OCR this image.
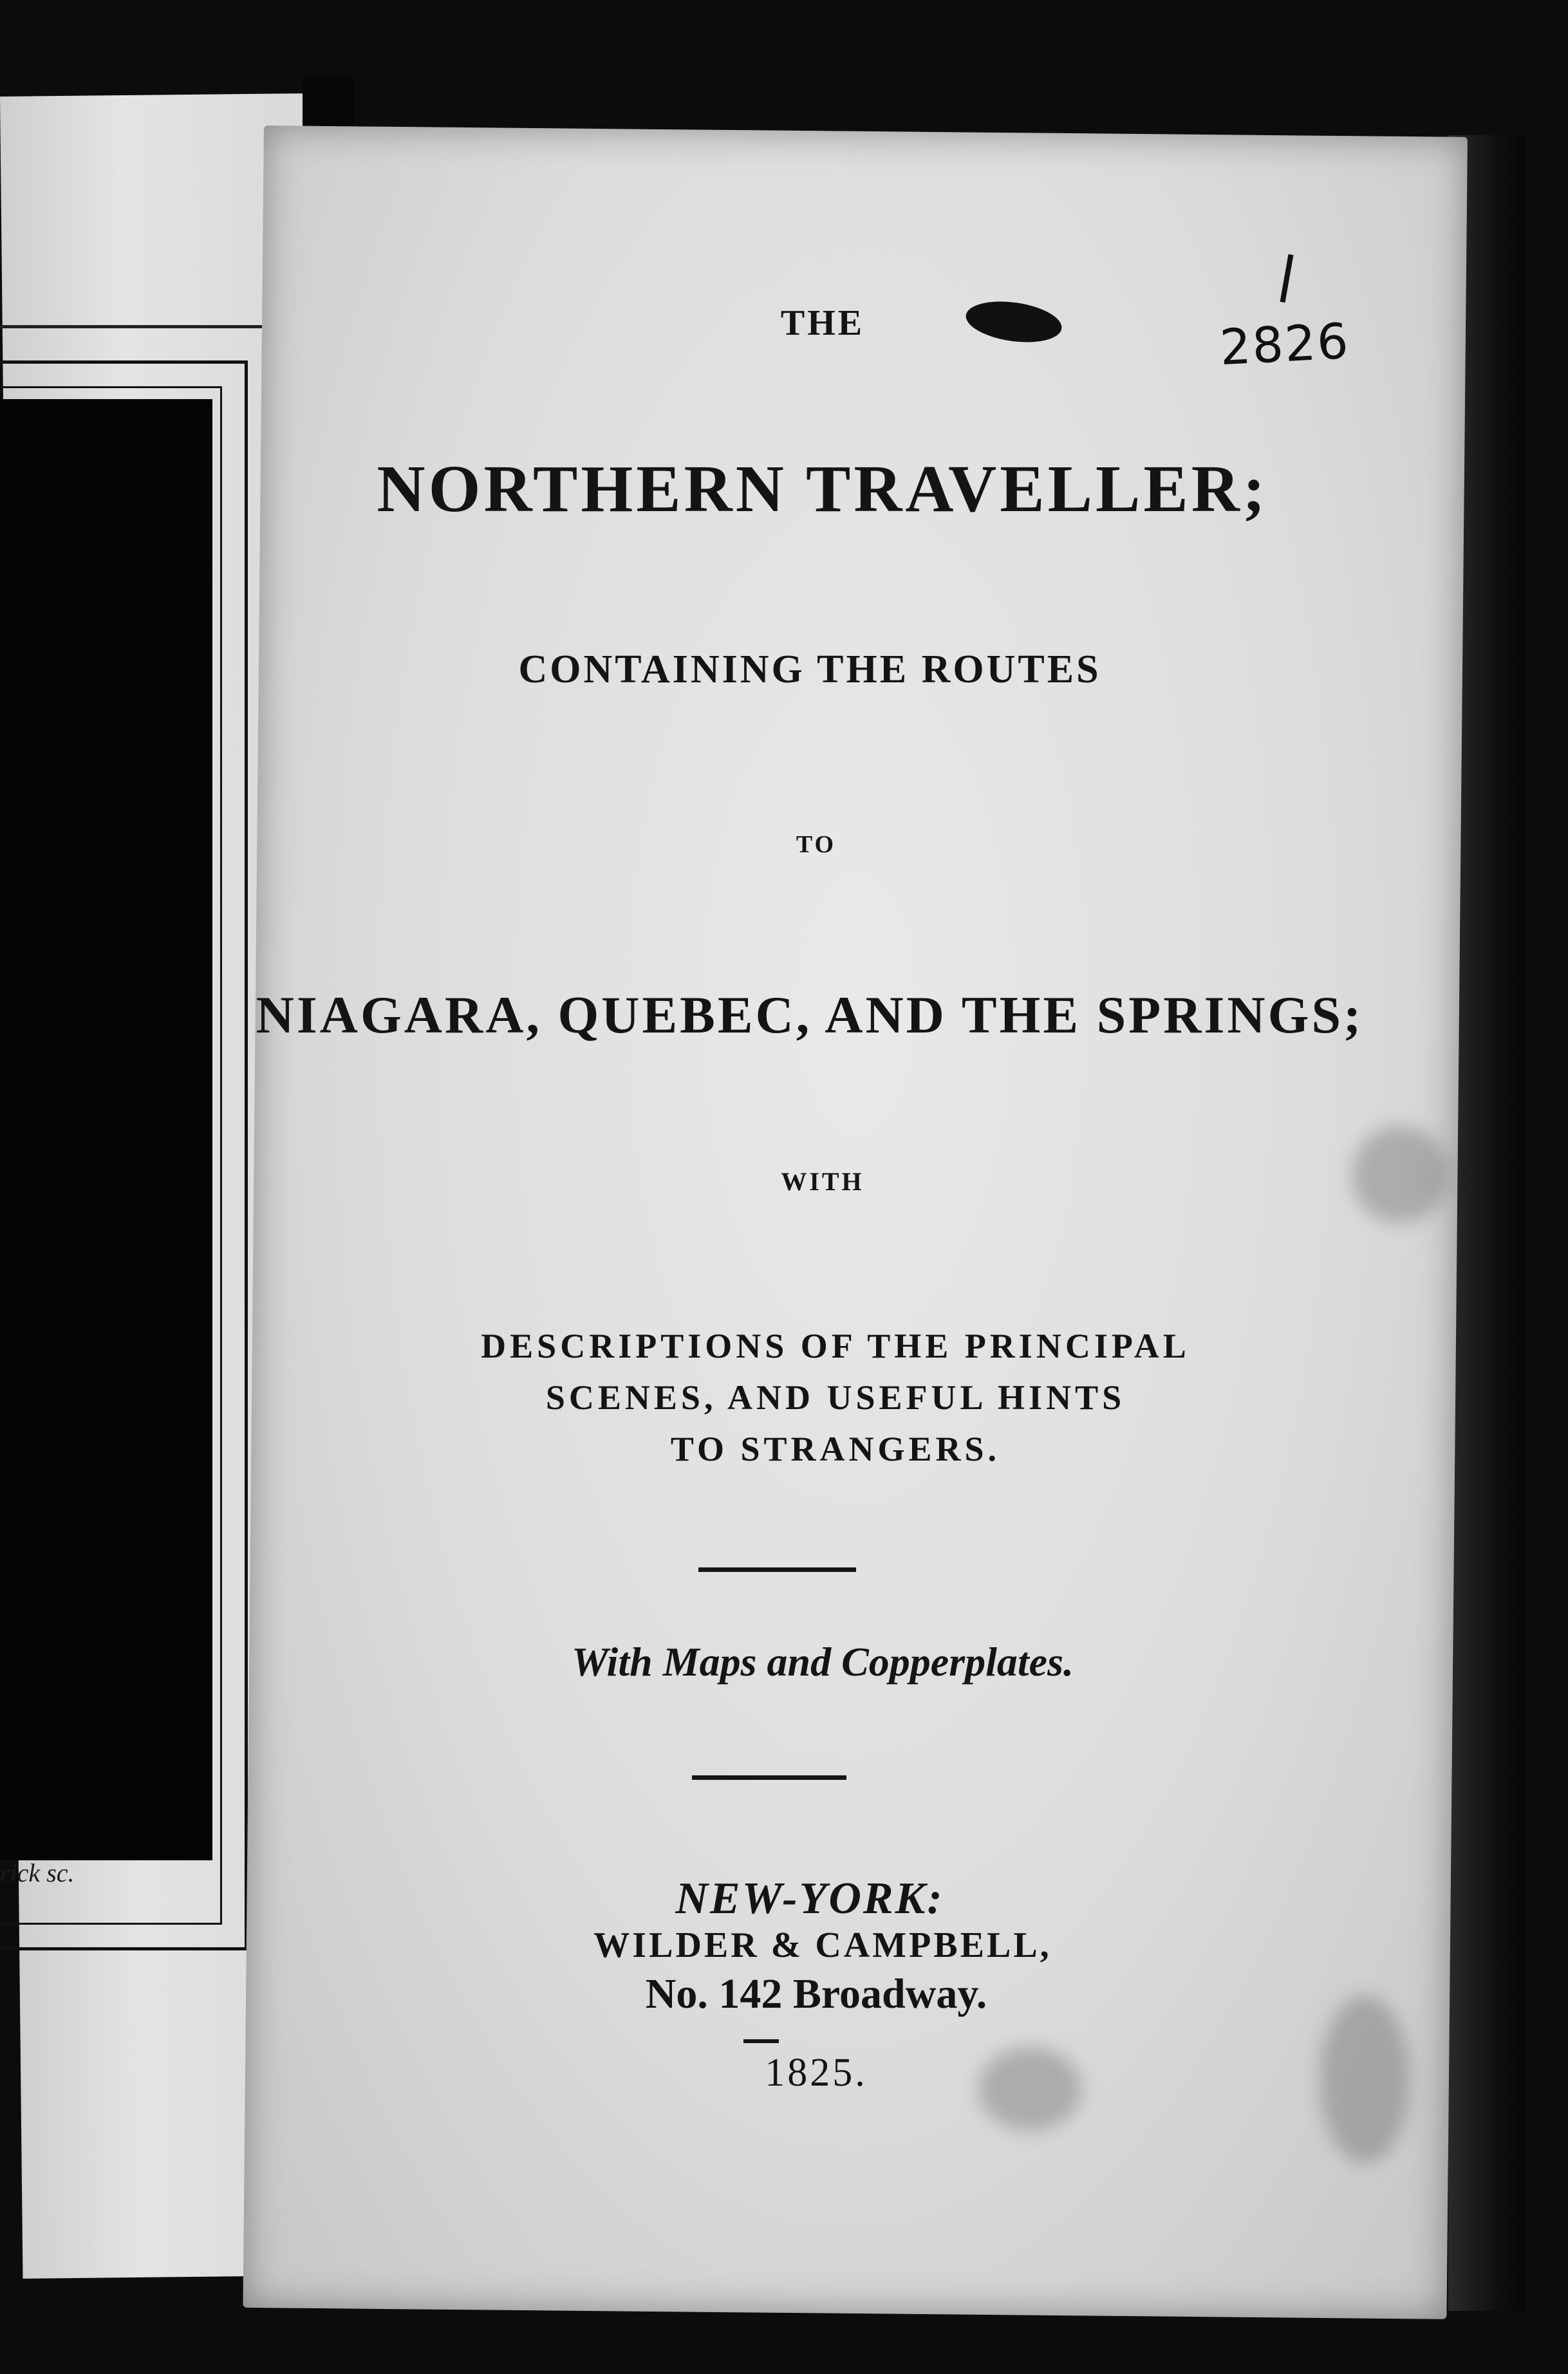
rick sc.
2826
THE
NORTHERN TRAVELLER;
CONTAINING THE ROUTES
TO
NIAGARA, QUEBEC, AND THE SPRINGS;
WITH
DESCRIPTIONS OF THE PRINCIPAL
SCENES, AND USEFUL HINTS
TO STRANGERS.
With Maps and Copperplates.
NEW-YORK:
WILDER & CAMPBELL,
No. 142 Broadway.
1825.
